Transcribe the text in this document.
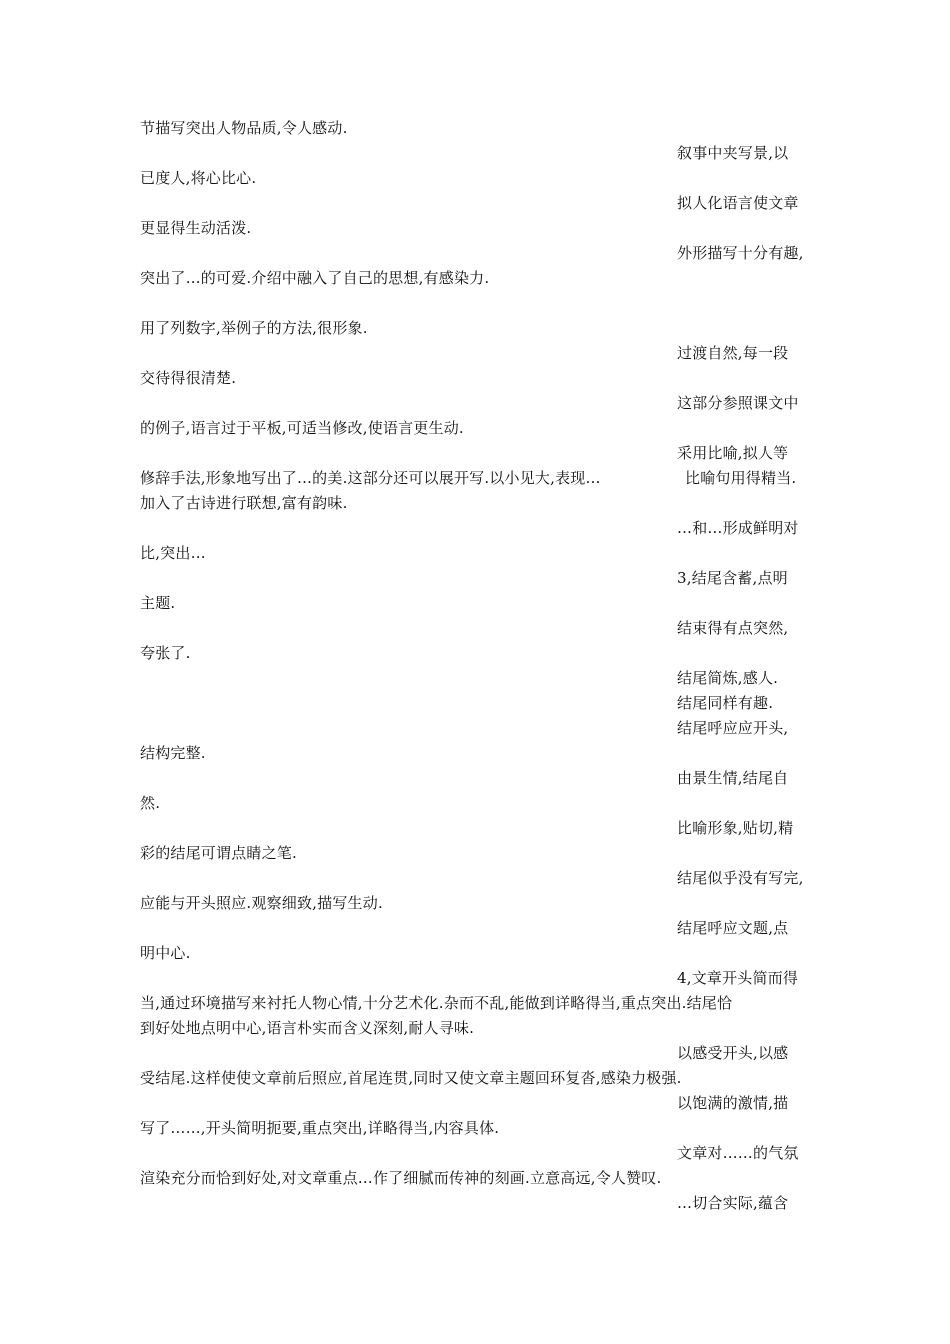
节描写突出人物品质,令人感动.
叙事中夹写景,以
已度人,将心比心.
拟人化语言使文章
更显得生动活泼.
外形描写十分有趣,
突出了…的可爱.介绍中融入了自己的思想,有感染力.
用了列数字,举例子的方法,很形象.
过渡自然,每一段
交待得很清楚.
这部分参照课文中
的例子,语言过于平板,可适当修改,使语言更生动.
采用比喻,拟人等
修辞手法,形象地写出了…的美.这部分还可以展开写.以小见大,表现…	比喻句用得精当.
加入了古诗进行联想,富有韵味.
…和…形成鲜明对
比,突出…
3,结尾含蓄,点明
主题.
结束得有点突然,
夸张了.
结尾简炼,感人.
结尾同样有趣.
结尾呼应应开头,
结构完整.
由景生情,结尾自
然.
比喻形象,贴切,精
彩的结尾可谓点睛之笔.
结尾似乎没有写完,
应能与开头照应.观察细致,描写生动.
结尾呼应文题,点
明中心.
4,文章开头简而得
当,通过环境描写来衬托人物心情,十分艺术化.杂而不乱,能做到详略得当,重点突出.结尾恰
到好处地点明中心,语言朴实而含义深刻,耐人寻味.
以感受开头,以感
受结尾.这样使使文章前后照应,首尾连贯,同时又使文章主题回环复沓,感染力极强.
以饱满的激情,描
写了……,开头简明扼要,重点突出,详略得当,内容具体.
文章对……的气氛
渲染充分而恰到好处,对文章重点…作了细腻而传神的刻画.立意高远,令人赞叹.
…切合实际,蕴含
